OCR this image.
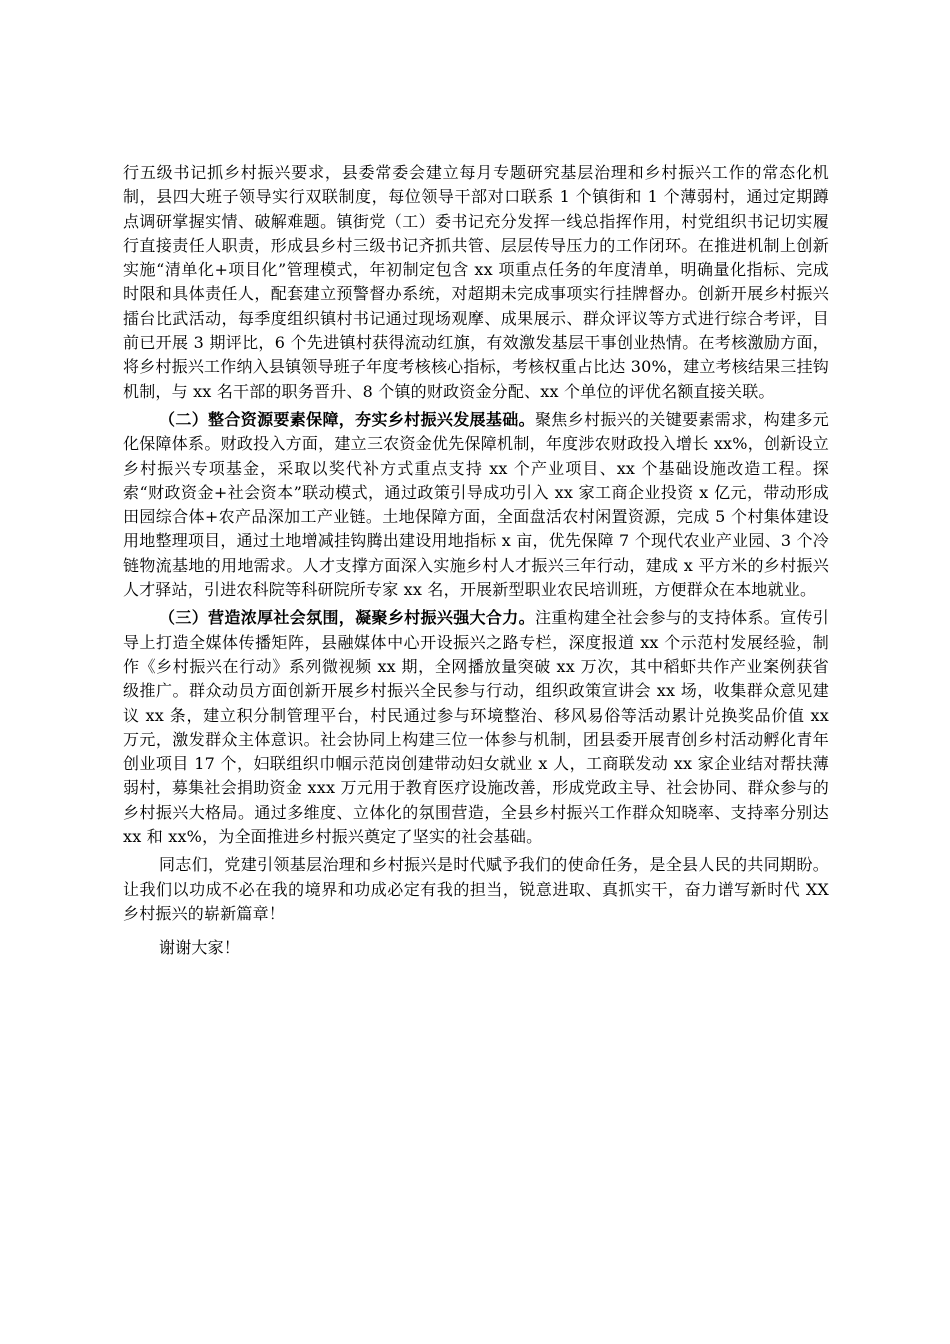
行五级书记抓乡村振兴要求，县委常委会建立每月专题研究基层治理和乡村振兴工作的常态化机制，县四大班子领导实行双联制度，每位领导干部对口联系 1 个镇街和 1 个薄弱村，通过定期蹲点调研掌握实情、破解难题。镇街党（工）委书记充分发挥一线总指挥作用，村党组织书记切实履行直接责任人职责，形成县乡村三级书记齐抓共管、层层传导压力的工作闭环。在推进机制上创新实施“清单化+项目化”管理模式，年初制定包含 xx 项重点任务的年度清单，明确量化指标、完成时限和具体责任人，配套建立预警督办系统，对超期未完成事项实行挂牌督办。创新开展乡村振兴擂台比武活动，每季度组织镇村书记通过现场观摩、成果展示、群众评议等方式进行综合考评，目前已开展 3 期评比，6 个先进镇村获得流动红旗，有效激发基层干事创业热情。在考核激励方面，将乡村振兴工作纳入县镇领导班子年度考核核心指标，考核权重占比达 30%，建立考核结果三挂钩机制，与 xx 名干部的职务晋升、8 个镇的财政资金分配、xx 个单位的评优名额直接关联。

（二）整合资源要素保障，夯实乡村振兴发展基础。聚焦乡村振兴的关键要素需求，构建多元化保障体系。财政投入方面，建立三农资金优先保障机制，年度涉农财政投入增长 xx%，创新设立乡村振兴专项基金，采取以奖代补方式重点支持 xx 个产业项目、xx 个基础设施改造工程。探索“财政资金+社会资本”联动模式，通过政策引导成功引入 xx 家工商企业投资 x 亿元，带动形成田园综合体+农产品深加工产业链。土地保障方面，全面盘活农村闲置资源，完成 5 个村集体建设用地整理项目，通过土地增减挂钩腾出建设用地指标 x 亩，优先保障 7 个现代农业产业园、3 个冷链物流基地的用地需求。人才支撑方面深入实施乡村人才振兴三年行动，建成 x 平方米的乡村振兴人才驿站，引进农科院等科研院所专家 xx 名，开展新型职业农民培训班，方便群众在本地就业。

（三）营造浓厚社会氛围，凝聚乡村振兴强大合力。注重构建全社会参与的支持体系。宣传引导上打造全媒体传播矩阵，县融媒体中心开设振兴之路专栏，深度报道 xx 个示范村发展经验，制作《乡村振兴在行动》系列微视频 xx 期，全网播放量突破 xx 万次，其中稻虾共作产业案例获省级推广。群众动员方面创新开展乡村振兴全民参与行动，组织政策宣讲会 xx 场，收集群众意见建议 xx 条，建立积分制管理平台，村民通过参与环境整治、移风易俗等活动累计兑换奖品价值 xx 万元，激发群众主体意识。社会协同上构建三位一体参与机制，团县委开展青创乡村活动孵化青年创业项目 17 个，妇联组织巾帼示范岗创建带动妇女就业 x 人，工商联发动 xx 家企业结对帮扶薄弱村，募集社会捐助资金 xxx 万元用于教育医疗设施改善，形成党政主导、社会协同、群众参与的乡村振兴大格局。通过多维度、立体化的氛围营造，全县乡村振兴工作群众知晓率、支持率分别达 xx 和 xx%，为全面推进乡村振兴奠定了坚实的社会基础。

同志们，党建引领基层治理和乡村振兴是时代赋予我们的使命任务，是全县人民的共同期盼。让我们以功成不必在我的境界和功成必定有我的担当，锐意进取、真抓实干，奋力谱写新时代 XX 乡村振兴的崭新篇章！

谢谢大家！
